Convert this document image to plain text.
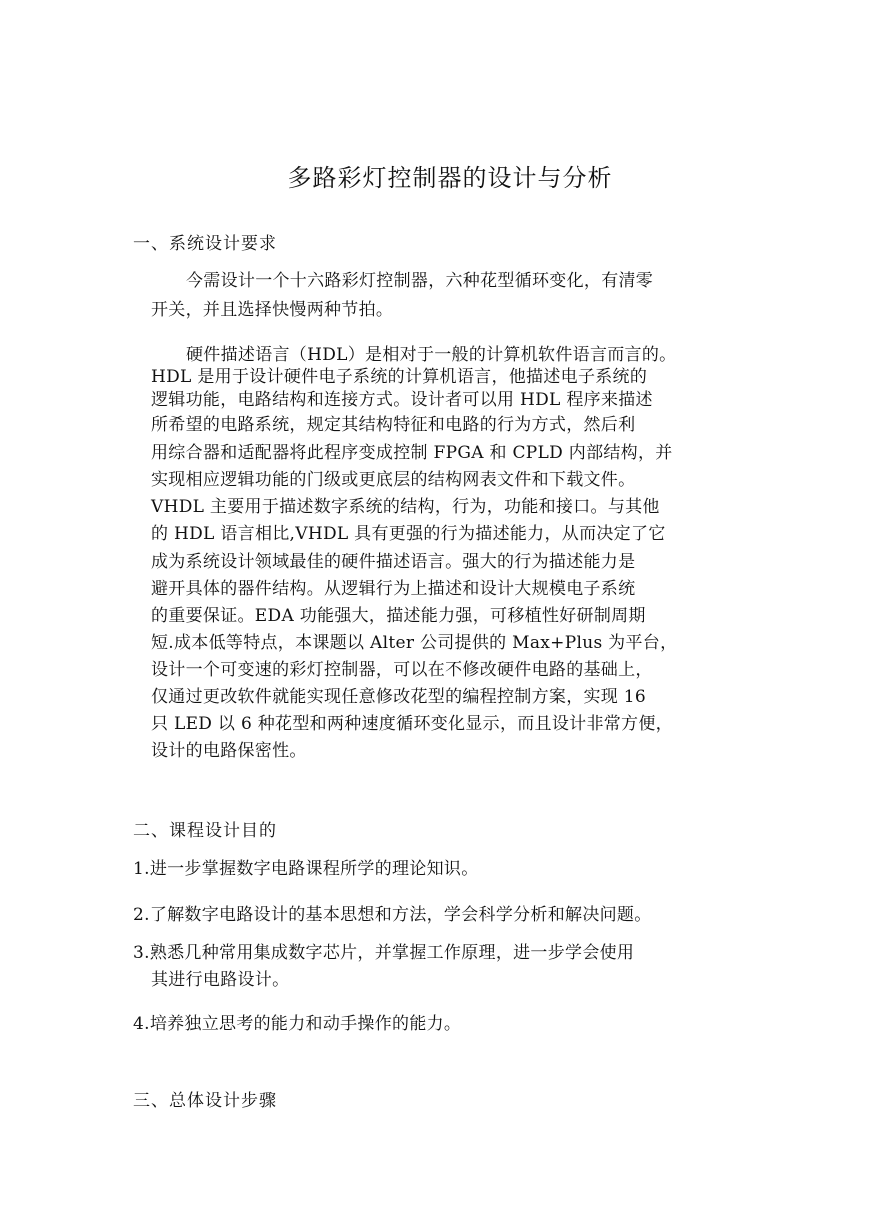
多路彩灯控制器的设计与分析
一、系统设计要求
今需设计一个十六路彩灯控制器，六种花型循环变化，有清零
开关，并且选择快慢两种节拍。
硬件描述语言（HDL）是相对于一般的计算机软件语言而言的。
HDL 是用于设计硬件电子系统的计算机语言，他描述电子系统的
逻辑功能，电路结构和连接方式。设计者可以用 HDL 程序来描述
所希望的电路系统，规定其结构特征和电路的行为方式，然后利
用综合器和适配器将此程序变成控制 FPGA 和 CPLD 内部结构，并
实现相应逻辑功能的门级或更底层的结构网表文件和下载文件。
VHDL 主要用于描述数字系统的结构，行为，功能和接口。与其他
的 HDL 语言相比,VHDL 具有更强的行为描述能力，从而决定了它
成为系统设计领域最佳的硬件描述语言。强大的行为描述能力是
避开具体的器件结构。从逻辑行为上描述和设计大规模电子系统
的重要保证。EDA 功能强大，描述能力强，可移植性好研制周期
短.成本低等特点，本课题以 Alter 公司提供的 Max+Plus 为平台，
设计一个可变速的彩灯控制器，可以在不修改硬件电路的基础上，
仅通过更改软件就能实现任意修改花型的编程控制方案，实现 16
只 LED 以 6 种花型和两种速度循环变化显示，而且设计非常方便，
设计的电路保密性。
二、课程设计目的
1.进一步掌握数字电路课程所学的理论知识。
2.了解数字电路设计的基本思想和方法，学会科学分析和解决问题。
3.熟悉几种常用集成数字芯片，并掌握工作原理，进一步学会使用
其进行电路设计。
4.培养独立思考的能力和动手操作的能力。
三、总体设计步骤
